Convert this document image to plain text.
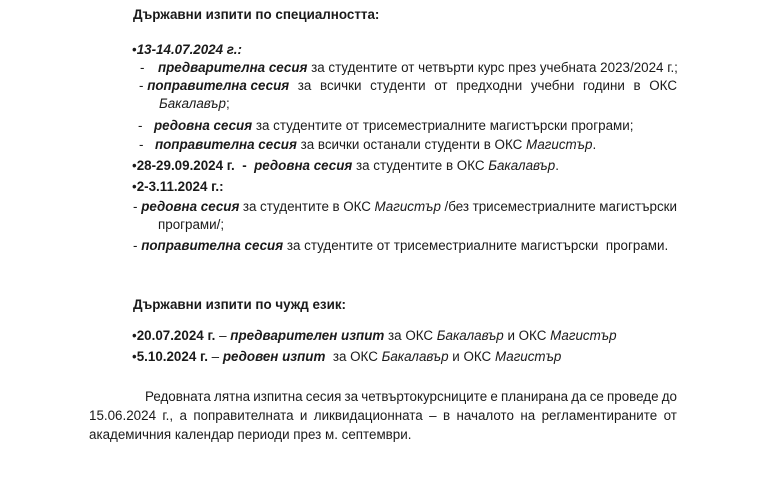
Държавни изпити по специалността:
•13-14.07.2024 г.:
- предварителна сесия за студентите от четвърти курс през учебната 2023/2024 г.;
- поправителна сесия за всички студенти от предходни учебни години в ОКС
Бакалавър;
- редовна сесия за студентите от трисеместриалните магистърски програми;
- поправителна сесия за всички останали студенти в ОКС Магистър.
•28-29.09.2024 г.  -  редовна сесия за студентите в ОКС Бакалавър.
•2-3.11.2024 г.:
- редовна сесия за студентите в ОКС Магистър /без трисеместриалните магистърски
програми/;
- поправителна сесия за студентите от трисеместриалните магистърски  програми.
Държавни изпити по чужд език:
•20.07.2024 г. – предварителен изпит за ОКС Бакалавър и ОКС Магистър
•5.10.2024 г. – редовен изпит  за ОКС Бакалавър и ОКС Магистър
Редовната лятна изпитна сесия за четвъртокурсниците е планирана да се проведе до
15.06.2024 г., а поправителната и ликвидационната – в началото на регламентираните от
академичния календар периоди през м. септември.
